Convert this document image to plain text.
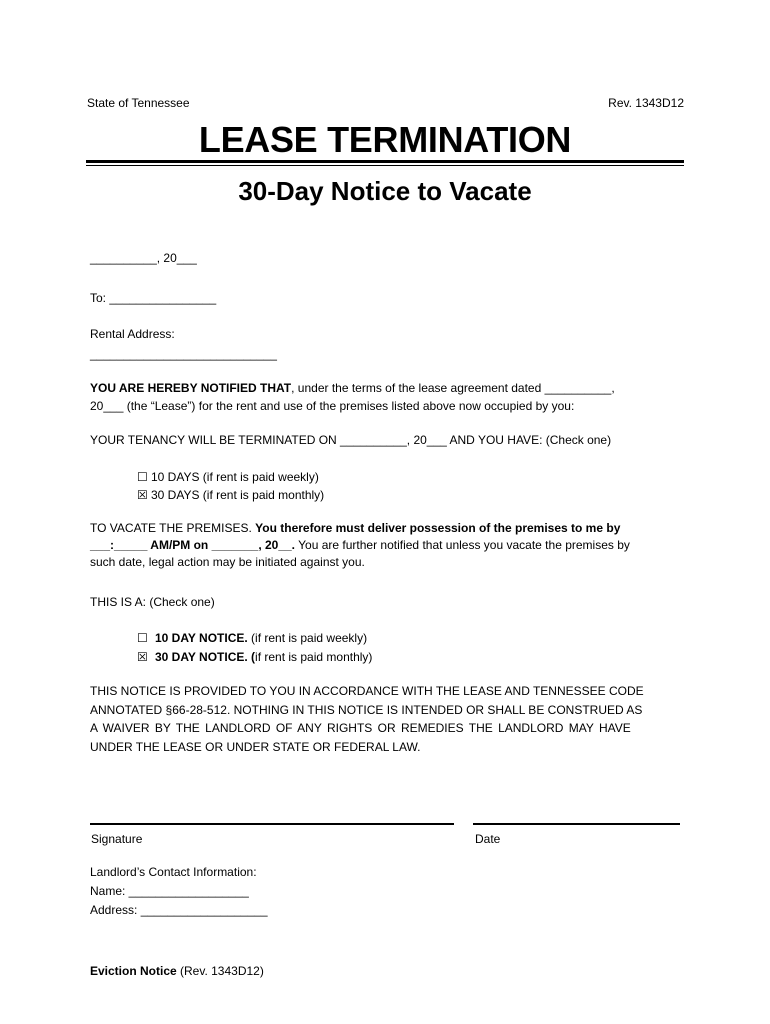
State of Tennessee	Rev. 1343D12
LEASE TERMINATION
30-Day Notice to Vacate
__________, 20___
To: ________________
Rental Address:
____________________________
YOU ARE HEREBY NOTIFIED THAT, under the terms of the lease agreement dated __________,
20___ (the “Lease”) for the rent and use of the premises listed above now occupied by you:
YOUR TENANCY WILL BE TERMINATED ON __________, 20___ AND YOU HAVE: (Check one)
☐ 10 DAYS (if rent is paid weekly)
☒ 30 DAYS (if rent is paid monthly)
TO VACATE THE PREMISES. You therefore must deliver possession of the premises to me by
___:_____ AM/PM on _______, 20__. You are further notified that unless you vacate the premises by
such date, legal action may be initiated against you.
THIS IS A: (Check one)
☐ 10 DAY NOTICE. (if rent is paid weekly)
☒ 30 DAY NOTICE. (if rent is paid monthly)
THIS NOTICE IS PROVIDED TO YOU IN ACCORDANCE WITH THE LEASE AND TENNESSEE CODE
ANNOTATED §66-28-512. NOTHING IN THIS NOTICE IS INTENDED OR SHALL BE CONSTRUED AS
A WAIVER BY THE LANDLORD OF ANY RIGHTS OR REMEDIES THE LANDLORD MAY HAVE
UNDER THE LEASE OR UNDER STATE OR FEDERAL LAW.
Signature	Date
Landlord’s Contact Information:
Name: __________________
Address: ___________________
Eviction Notice (Rev. 1343D12)
